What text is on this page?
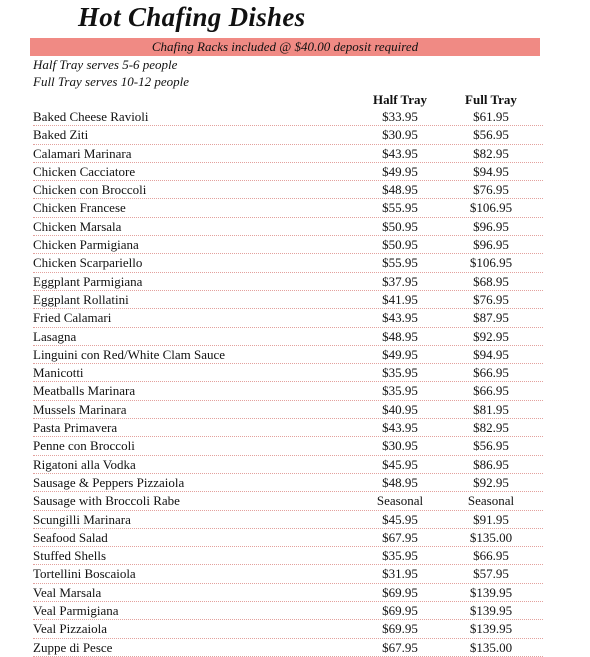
Hot Chafing Dishes
Chafing Racks included @ $40.00 deposit required
Half Tray serves 5-6 people
Full Tray serves 10-12 people
Half Tray	Full Tray
Baked Cheese Ravioli	$33.95	$61.95
Baked Ziti	$30.95	$56.95
Calamari Marinara	$43.95	$82.95
Chicken Cacciatore	$49.95	$94.95
Chicken con Broccoli	$48.95	$76.95
Chicken Francese	$55.95	$106.95
Chicken Marsala	$50.95	$96.95
Chicken Parmigiana	$50.95	$96.95
Chicken Scarpariello	$55.95	$106.95
Eggplant Parmigiana	$37.95	$68.95
Eggplant Rollatini	$41.95	$76.95
Fried Calamari	$43.95	$87.95
Lasagna	$48.95	$92.95
Linguini con Red/White Clam Sauce	$49.95	$94.95
Manicotti	$35.95	$66.95
Meatballs Marinara	$35.95	$66.95
Mussels Marinara	$40.95	$81.95
Pasta Primavera	$43.95	$82.95
Penne con Broccoli	$30.95	$56.95
Rigatoni alla Vodka	$45.95	$86.95
Sausage & Peppers Pizzaiola	$48.95	$92.95
Sausage with Broccoli Rabe	Seasonal	Seasonal
Scungilli Marinara	$45.95	$91.95
Seafood Salad	$67.95	$135.00
Stuffed Shells	$35.95	$66.95
Tortellini Boscaiola	$31.95	$57.95
Veal Marsala	$69.95	$139.95
Veal Parmigiana	$69.95	$139.95
Veal Pizzaiola	$69.95	$139.95
Zuppe di Pesce	$67.95	$135.00
